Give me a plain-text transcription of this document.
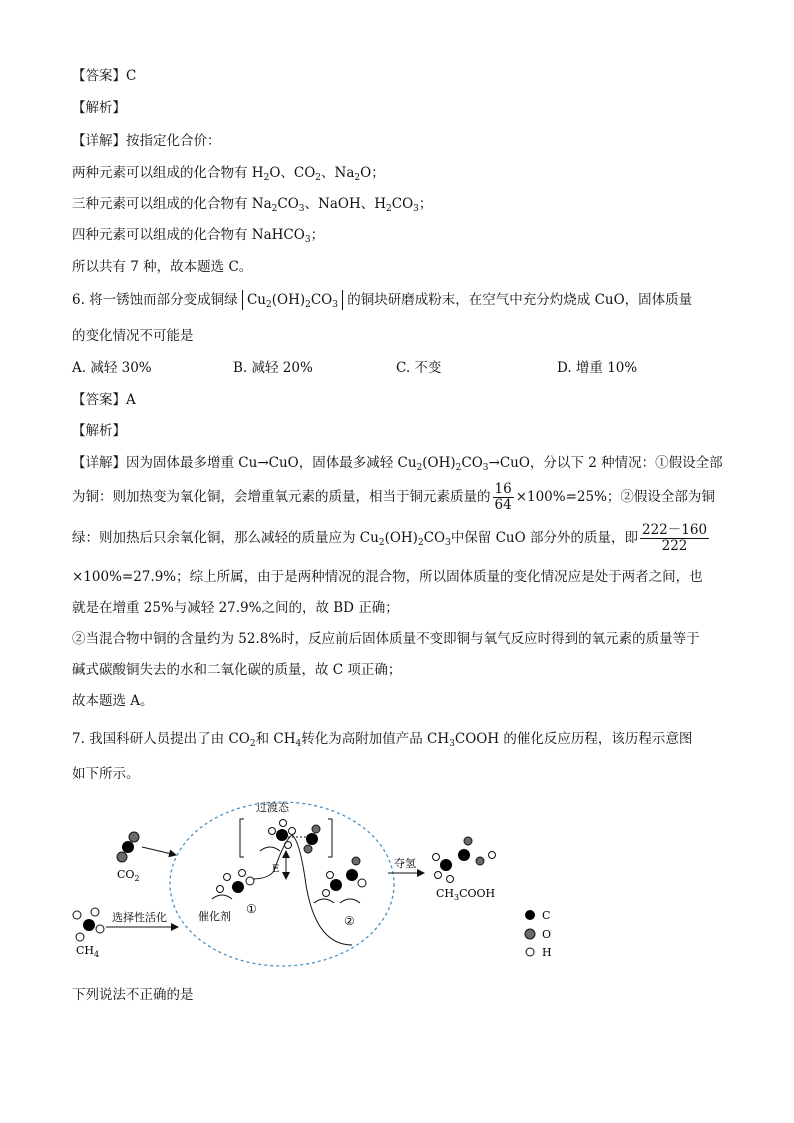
【答案】C
【解析】
【详解】按指定化合价：
两种元素可以组成的化合物有 $H_2O$、$CO_2$、$Na_2O$；
三种元素可以组成的化合物有 $Na_2CO_3$、NaOH、$H_2CO_3$；
四种元素可以组成的化合物有 NaHCO$_3$；
所以共有 7 种，故本题选 C。
6. 将一锈蚀而部分变成铜绿 $Cu_2(OH)_2CO_3$ 的铜块研磨成粉末，在空气中充分灼烧成 CuO，固体质量
的变化情况不可能是
A. 减轻 30%	B. 减轻 20%	C. 不变	D. 增重 10%
【答案】A
【解析】
【详解】因为固体最多增重 Cu→CuO，固体最多减轻 $Cu_2(OH)_2CO_3\to CuO$，分以下 2 种情况：①假设全部
为铜：则加热变为氧化铜，会增重氧元素的质量，相当于铜元素质量的 $\frac{16}{64} \times 100\%=25\%$；②假设全部为铜
绿：则加热后只余氧化铜，那么减轻的质量应为 $Cu_2(OH)_2CO_3$中保留 CuO 部分外的质量，即 $\frac{222-160}{222}$
×100%=27.9%；综上所属，由于是两种情况的混合物，所以固体质量的变化情况应是处于两者之间，也
就是在增重 25%与减轻 27.9%之间的，故 BD 正确；
②当混合物中铜的含量约为 52.8%时，反应前后固体质量不变即铜与氧气反应时得到的氧元素的质量等于
碱式碳酸铜失去的水和二氧化碳的质量，故 C 项正确；
故本题选 A。
7. 我国科研人员提出了由 $CO_2$和 $CH_4$转化为高附加值产品 $CH_3COOH$ 的催化反应历程，该历程示意图
如下所示。
$CO_2$
$CH_4$
选择性活化
过渡态
E
催化剂
①
②
夺氢
$CH_3COOH$
C
O
H
下列说法不正确的是
